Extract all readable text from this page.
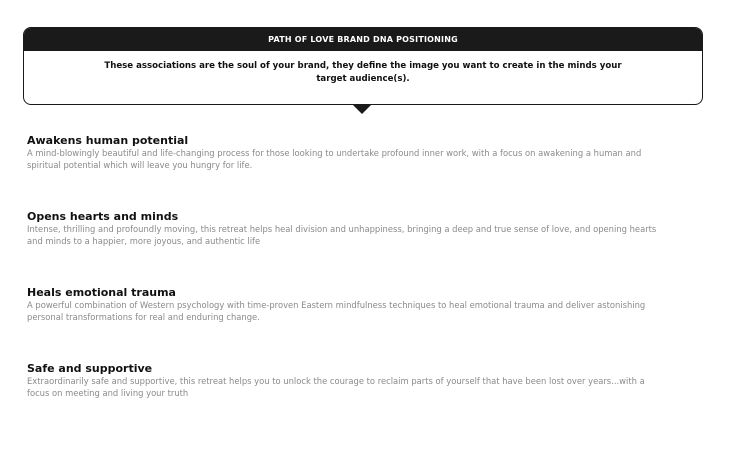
PATH OF LOVE BRAND DNA POSITIONING
These associations are the soul of your brand, they define the image you want to create in the minds your target audience(s).

Awakens human potential

A mind-blowingly beautiful and life-changing process for those looking to undertake profound inner work, with a focus on awakening a human and spiritual potential which will leave you hungry for life.

Opens hearts and minds

Intense, thrilling and profoundly moving, this retreat helps heal division and unhappiness, bringing a deep and true sense of love, and opening hearts and minds to a happier, more joyous, and authentic life

Heals emotional trauma

A powerful combination of Western psychology with time-proven Eastern mindfulness techniques to heal emotional trauma and deliver astonishing personal transformations for real and enduring change.

Safe and supportive

Extraordinarily safe and supportive, this retreat helps you to unlock the courage to reclaim parts of yourself that have been lost over years...with a focus on meeting and living your truth
